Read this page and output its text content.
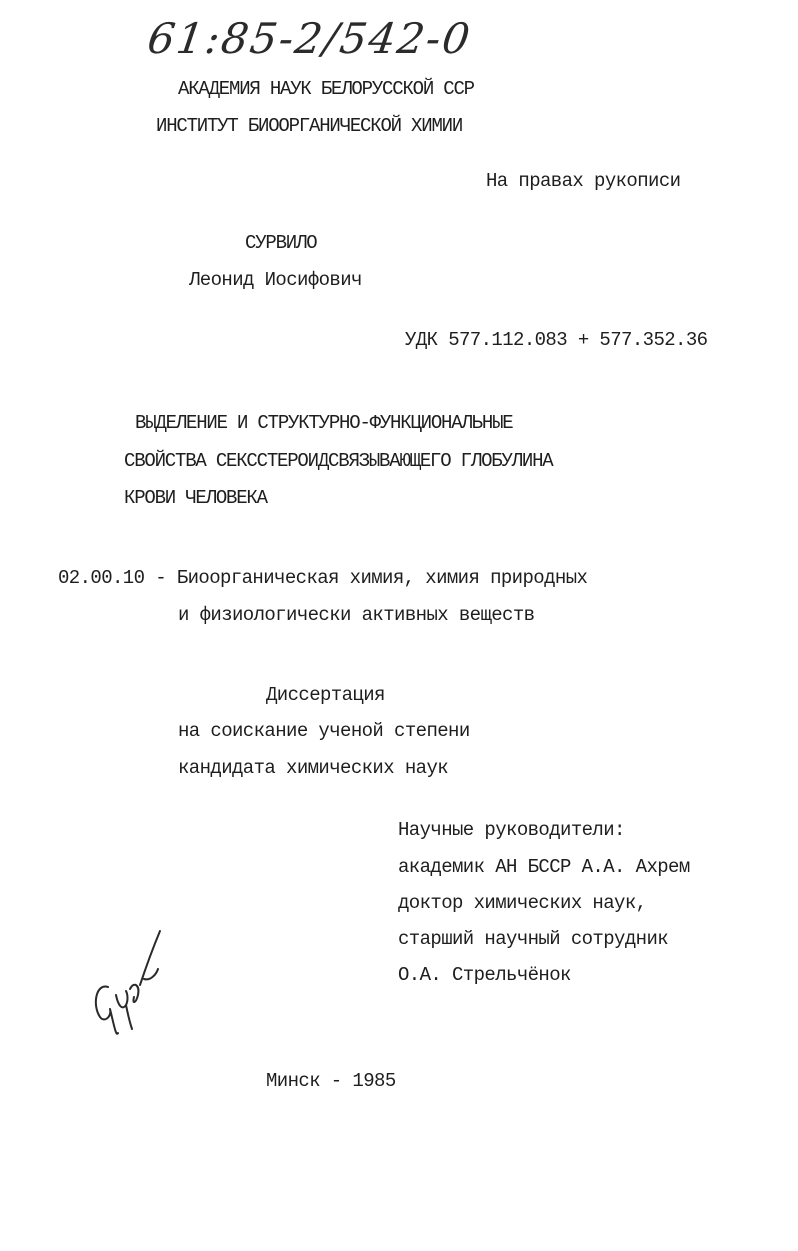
61:85-2/542-0
АКАДЕМИЯ НАУК БЕЛОРУССКОЙ ССР
ИНСТИТУТ БИООРГАНИЧЕСКОЙ ХИМИИ
На правах рукописи
СУРВИЛО
Леонид Иосифович
УДК 577.112.083 + 577.352.36
ВЫДЕЛЕНИЕ И СТРУКТУРНО-ФУНКЦИОНАЛЬНЫЕ
СВОЙСТВА СЕКССТЕРОИДСВЯЗЫВАЮЩЕГО ГЛОБУЛИНА
КРОВИ ЧЕЛОВЕКА
02.00.10 - Биоорганическая химия, химия природных
и физиологически активных веществ
Диссертация
на соискание ученой степени
кандидата химических наук
Научные руководители:
академик АН БССР А.А. Ахрем
доктор химических наук,
старший научный сотрудник
О.А. Стрельчёнок
Минск - 1985
